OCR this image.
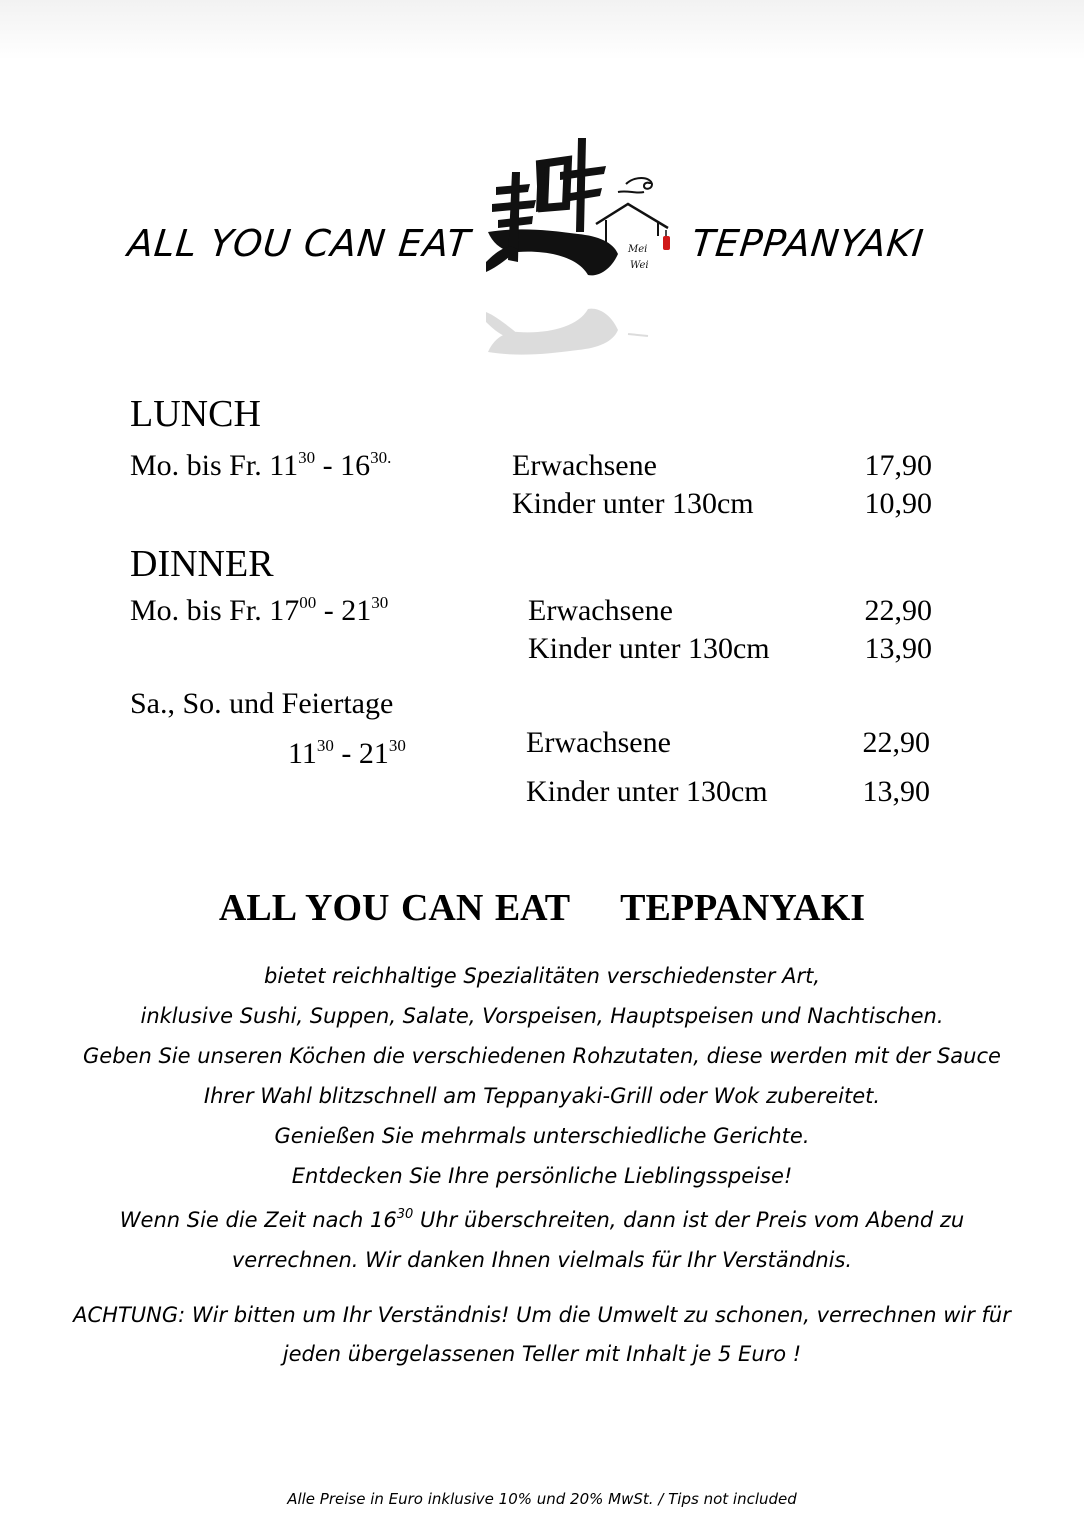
ALL YOU CAN EAT	Mei
Wei
TEPPANYAKI
LUNCH
Mo. bis Fr. $11^{30} - 16^{30.}$	Erwachsene	17,90
Kinder unter 130cm	10,90
DINNER
Mo. bis Fr. $17^{00} - 21^{30}$	Erwachsene	22,90
Kinder unter 130cm	13,90
Sa., So. und Feiertage
$11^{30} - 21^{30}$	Erwachsene	22,90
Kinder unter 130cm	13,90
ALL YOU CAN EAT TEPPANYAKI

bietet reichhaltige Spezialitäten verschiedenster Art,

inklusive Sushi, Suppen, Salate, Vorspeisen, Hauptspeisen und Nachtischen.

Geben Sie unseren Köchen die verschiedenen Rohzutaten, diese werden mit der Sauce

Ihrer Wahl blitzschnell am Teppanyaki-Grill oder Wok zubereitet.

Genießen Sie mehrmals unterschiedliche Gerichte.

Entdecken Sie Ihre persönliche Lieblingsspeise!

Wenn Sie die Zeit nach $16^{30}$ Uhr überschreiten, dann ist der Preis vom Abend zu

verrechnen. Wir danken Ihnen vielmals für Ihr Verständnis.

ACHTUNG: Wir bitten um Ihr Verständnis! Um die Umwelt zu schonen, verrechnen wir für

jeden übergelassenen Teller mit Inhalt je 5 Euro !

Alle Preise in Euro inklusive 10% und 20% MwSt. / Tips not included
